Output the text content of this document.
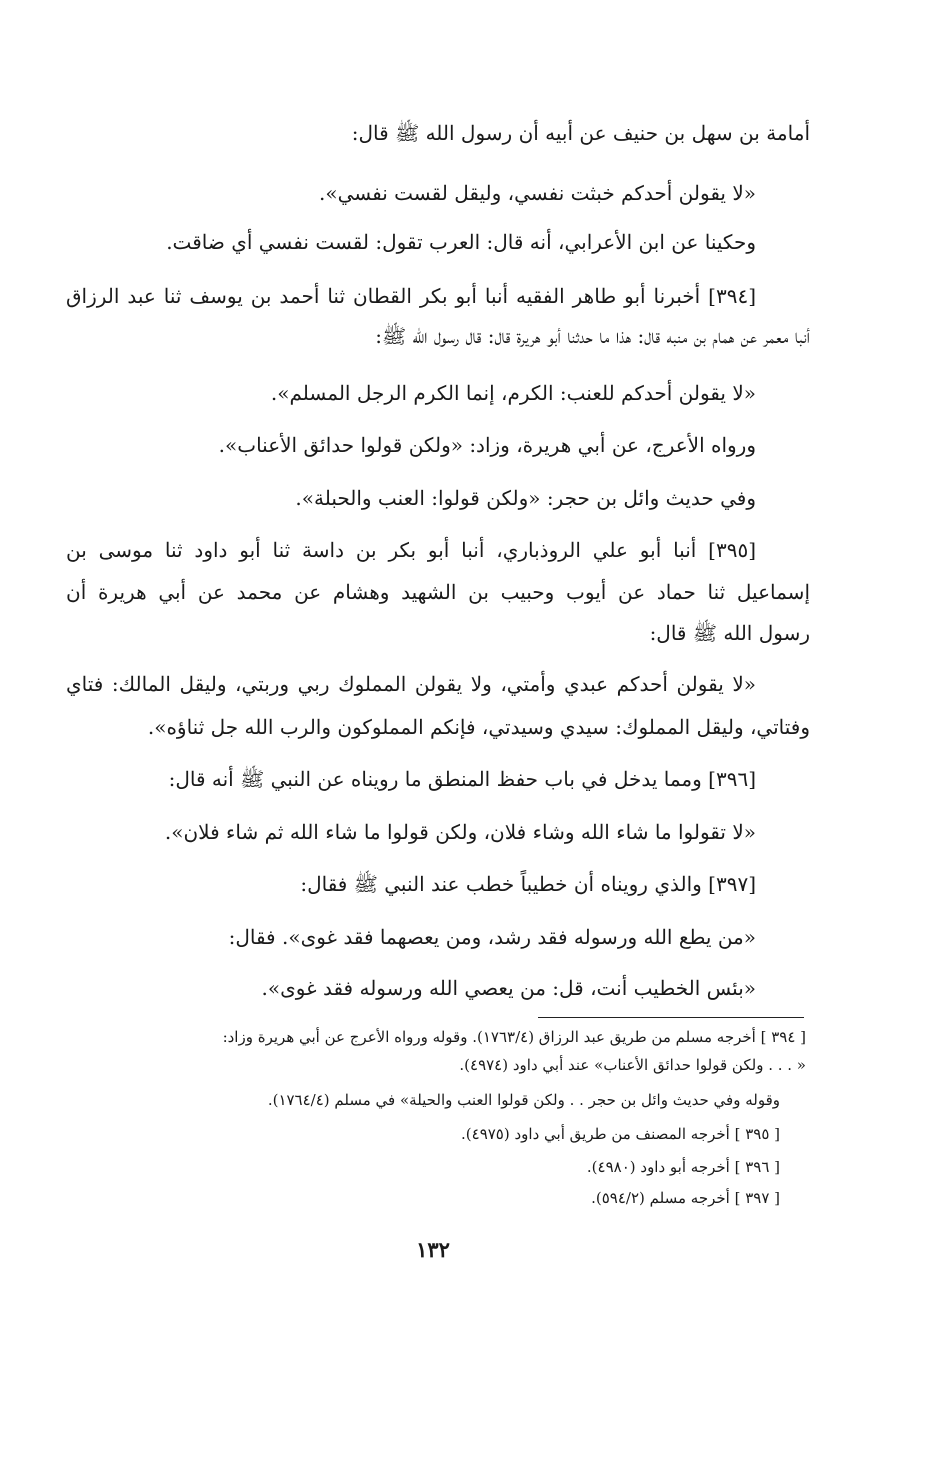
أمامة بن سهل بن حنيف عن أبيه أن رسول الله ﷺ قال:
«لا يقولن أحدكم خبثت نفسي، وليقل لقست نفسي».
وحكينا عن ابن الأعرابي، أنه قال: العرب تقول: لقست نفسي أي ضاقت.
[٣٩٤] أخبرنا أبو طاهر الفقيه أنبا أبو بكر القطان ثنا أحمد بن يوسف ثنا عبد الرزاق
أنبا معمر عن همام بن منبه قال: هذا ما حدثنا أبو هريرة قال: قال رسول الله ﷺ:
«لا يقولن أحدكم للعنب: الكرم، إنما الكرم الرجل المسلم».
ورواه الأعرج، عن أبي هريرة، وزاد: «ولكن قولوا حدائق الأعناب».
وفي حديث وائل بن حجر: «ولكن قولوا: العنب والحبلة».
[٣٩٥] أنبا أبو علي الروذباري، أنبا أبو بكر بن داسة ثنا أبو داود ثنا موسى بن
إسماعيل ثنا حماد عن أيوب وحبيب بن الشهيد وهشام عن محمد عن أبي هريرة أن
رسول الله ﷺ قال:
«لا يقولن أحدكم عبدي وأمتي، ولا يقولن المملوك ربي وربتي، وليقل المالك: فتاي
وفتاتي، وليقل المملوك: سيدي وسيدتي، فإنكم المملوكون والرب الله جل ثناؤه».
[٣٩٦] ومما يدخل في باب حفظ المنطق ما رويناه عن النبي ﷺ أنه قال:
«لا تقولوا ما شاء الله وشاء فلان، ولكن قولوا ما شاء الله ثم شاء فلان».
[٣٩٧] والذي رويناه أن خطيباً خطب عند النبي ﷺ فقال:
«من يطع الله ورسوله فقد رشد، ومن يعصهما فقد غوى». فقال:
«بئس الخطيب أنت، قل: من يعصي الله ورسوله فقد غوى».
[ ٣٩٤ ] أخرجه مسلم من طريق عبد الرزاق (١٧٦٣/٤). وقوله ورواه الأعرج عن أبي هريرة وزاد:
« . . . ولكن قولوا حدائق الأعناب» عند أبي داود (٤٩٧٤).
وقوله وفي حديث وائل بن حجر . . ولكن قولوا العنب والحيلة» في مسلم (١٧٦٤/٤).
[ ٣٩٥ ] أخرجه المصنف من طريق أبي داود (٤٩٧٥).
[ ٣٩٦ ] أخرجه أبو داود (٤٩٨٠).
[ ٣٩٧ ] أخرجه مسلم (٥٩٤/٢).
١٣٢
